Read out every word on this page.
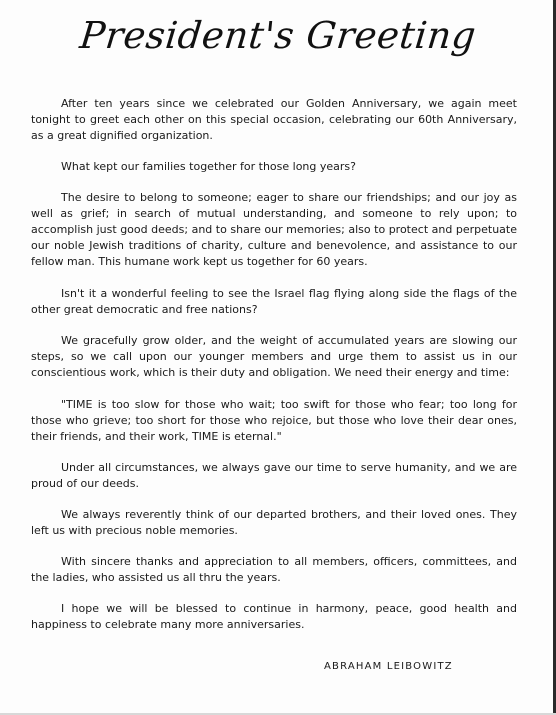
President's Greeting

After ten years since we celebrated our Golden Anniversary, we again meet tonight to greet each other on this special occasion, celebrating our 60th Anniversary, as a great dignified organization.

What kept our families together for those long years?

The desire to belong to someone; eager to share our friendships; and our joy as well as grief; in search of mutual understanding, and someone to rely upon; to accomplish just good deeds; and to share our memories; also to protect and perpetuate our noble Jewish traditions of charity, culture and benevolence, and assistance to our fellow man. This humane work kept us together for 60 years.

Isn't it a wonderful feeling to see the Israel flag flying along side the flags of the other great democratic and free nations?

We gracefully grow older, and the weight of accumulated years are slowing our steps, so we call upon our younger members and urge them to assist us in our conscientious work, which is their duty and obligation. We need their energy and time:

"TIME is too slow for those who wait; too swift for those who fear; too long for those who grieve; too short for those who rejoice, but those who love their dear ones, their friends, and their work, TIME is eternal."

Under all circumstances, we always gave our time to serve humanity, and we are proud of our deeds.

We always reverently think of our departed brothers, and their loved ones. They left us with precious noble memories.

With sincere thanks and appreciation to all members, officers, committees, and the ladies, who assisted us all thru the years.

I hope we will be blessed to continue in harmony, peace, good health and happiness to celebrate many more anniversaries.

ABRAHAM LEIBOWITZ
